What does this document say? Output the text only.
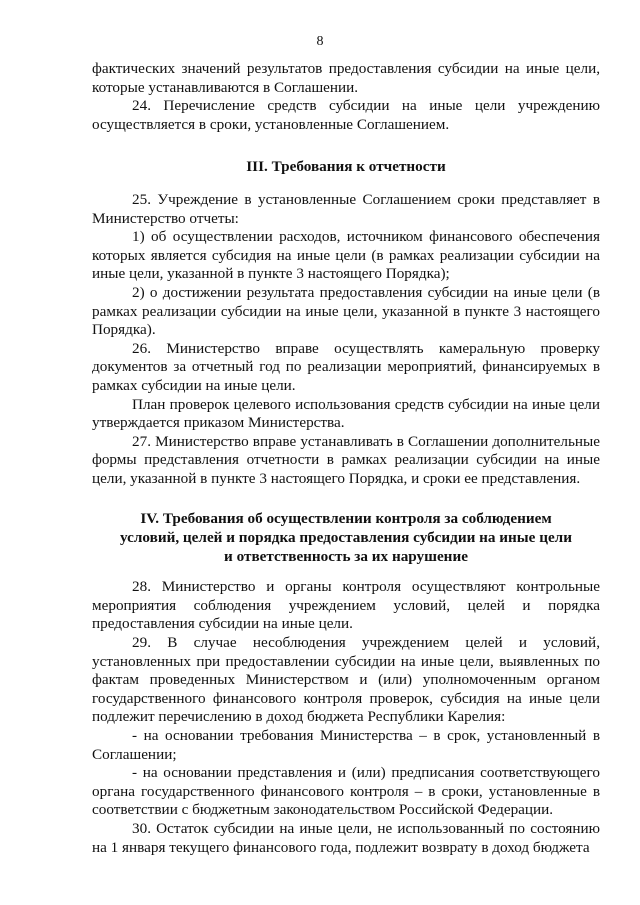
8

фактических значений результатов предоставления субсидии на иные цели, которые устанавливаются в Соглашении.

24. Перечисление средств субсидии на иные цели учреждению осуществляется в сроки, установленные Соглашением.

III. Требования к отчетности

25. Учреждение в установленные Соглашением сроки представляет в Министерство отчеты:

1) об осуществлении расходов, источником финансового обеспечения которых является субсидия на иные цели (в рамках реализации субсидии на иные цели, указанной в пункте 3 настоящего Порядка);

2) о достижении результата предоставления субсидии на иные цели (в рамках реализации субсидии на иные цели, указанной в пункте 3 настоящего Порядка).

26. Министерство вправе осуществлять камеральную проверку документов за отчетный год по реализации мероприятий, финансируемых в рамках субсидии на иные цели.

План проверок целевого использования средств субсидии на иные цели утверждается приказом Министерства.

27. Министерство вправе устанавливать в Соглашении дополнительные формы представления отчетности в рамках реализации субсидии на иные цели, указанной в пункте 3 настоящего Порядка, и сроки ее представления.

IV. Требования об осуществлении контроля за соблюдением

условий, целей и порядка предоставления субсидии на иные цели

и ответственность за их нарушение

28. Министерство и органы контроля осуществляют контрольные мероприятия соблюдения учреждением условий, целей и порядка предоставления субсидии на иные цели.

29. В случае несоблюдения учреждением целей и условий, установленных при предоставлении субсидии на иные цели, выявленных по фактам проведенных Министерством и (или) уполномоченным органом государственного финансового контроля проверок, субсидия на иные цели подлежит перечислению в доход бюджета Республики Карелия:

- на основании требования Министерства – в срок, установленный в Соглашении;

- на основании представления и (или) предписания соответствующего органа государственного финансового контроля – в сроки, установленные в соответствии с бюджетным законодательством Российской Федерации.

30. Остаток субсидии на иные цели, не использованный по состоянию на 1 января текущего финансового года, подлежит возврату в доход бюджета
